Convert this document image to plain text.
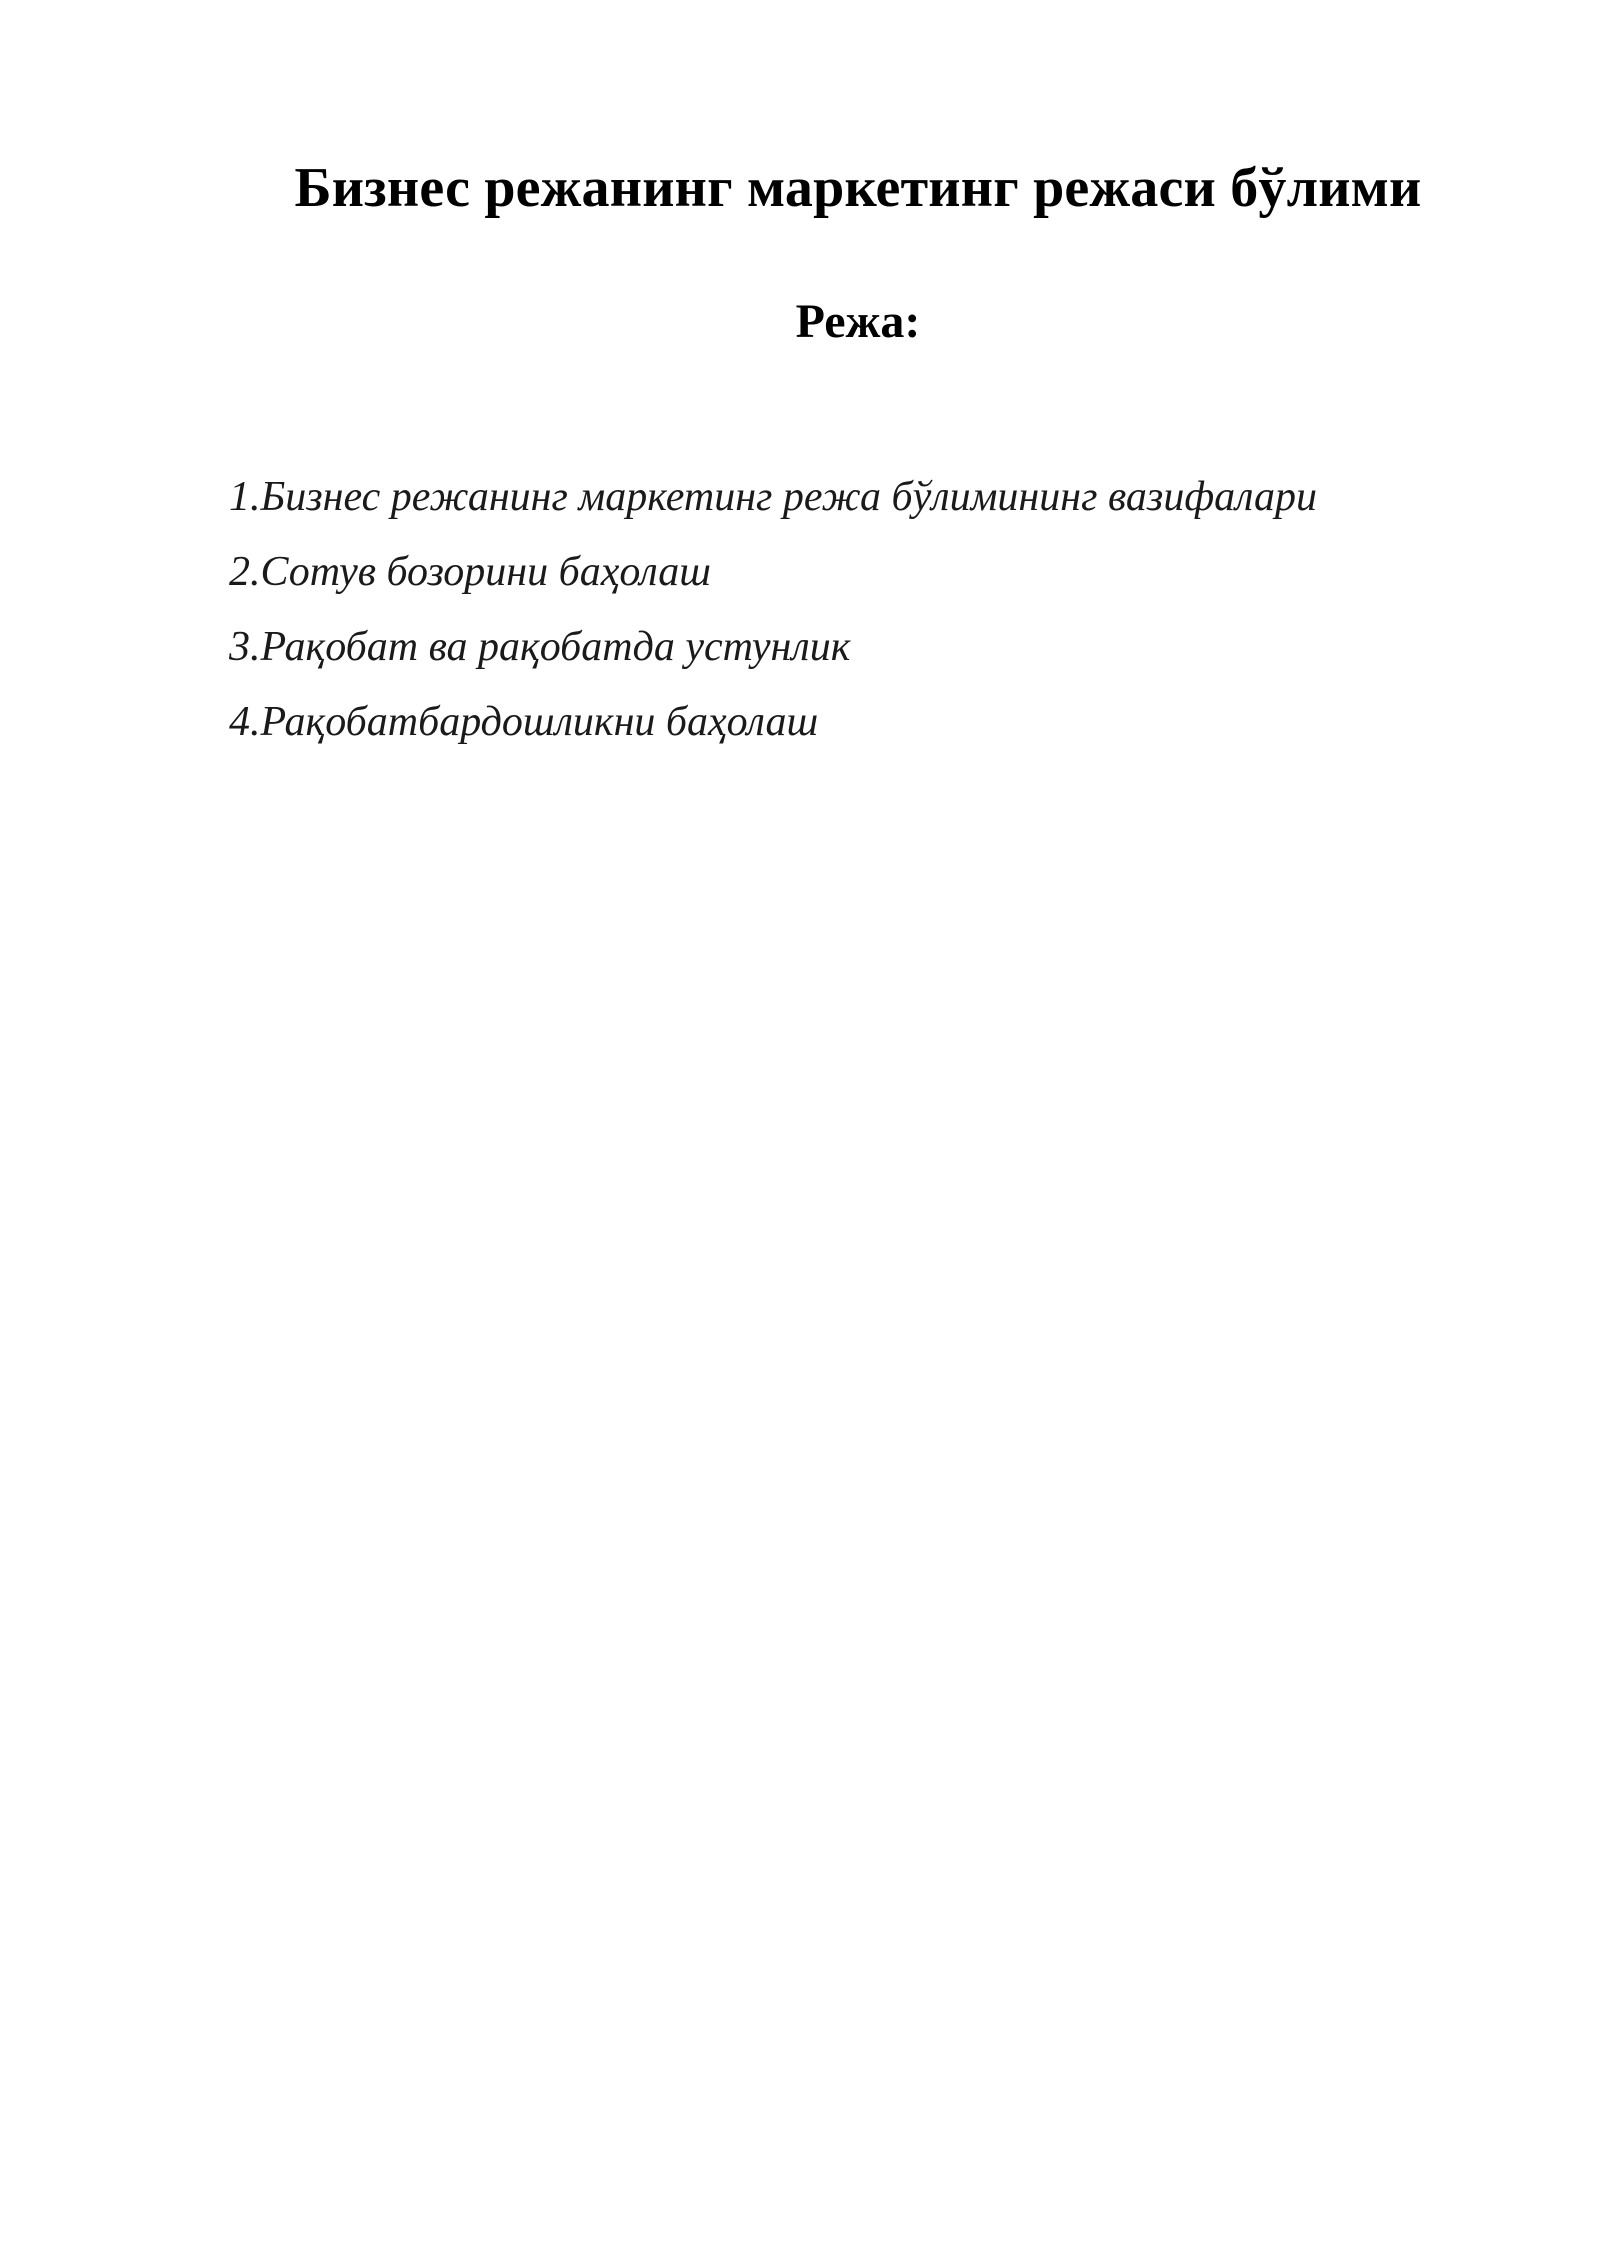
Бизнес режанинг маркетинг режаси бўлими
Режа:
1.Бизнес режанинг маркетинг режа бўлимининг вазифалари
2.Сотув бозорини баҳолаш
3.Рақобат ва рақобатда устунлик
4.Рақобатбардошликни баҳолаш
